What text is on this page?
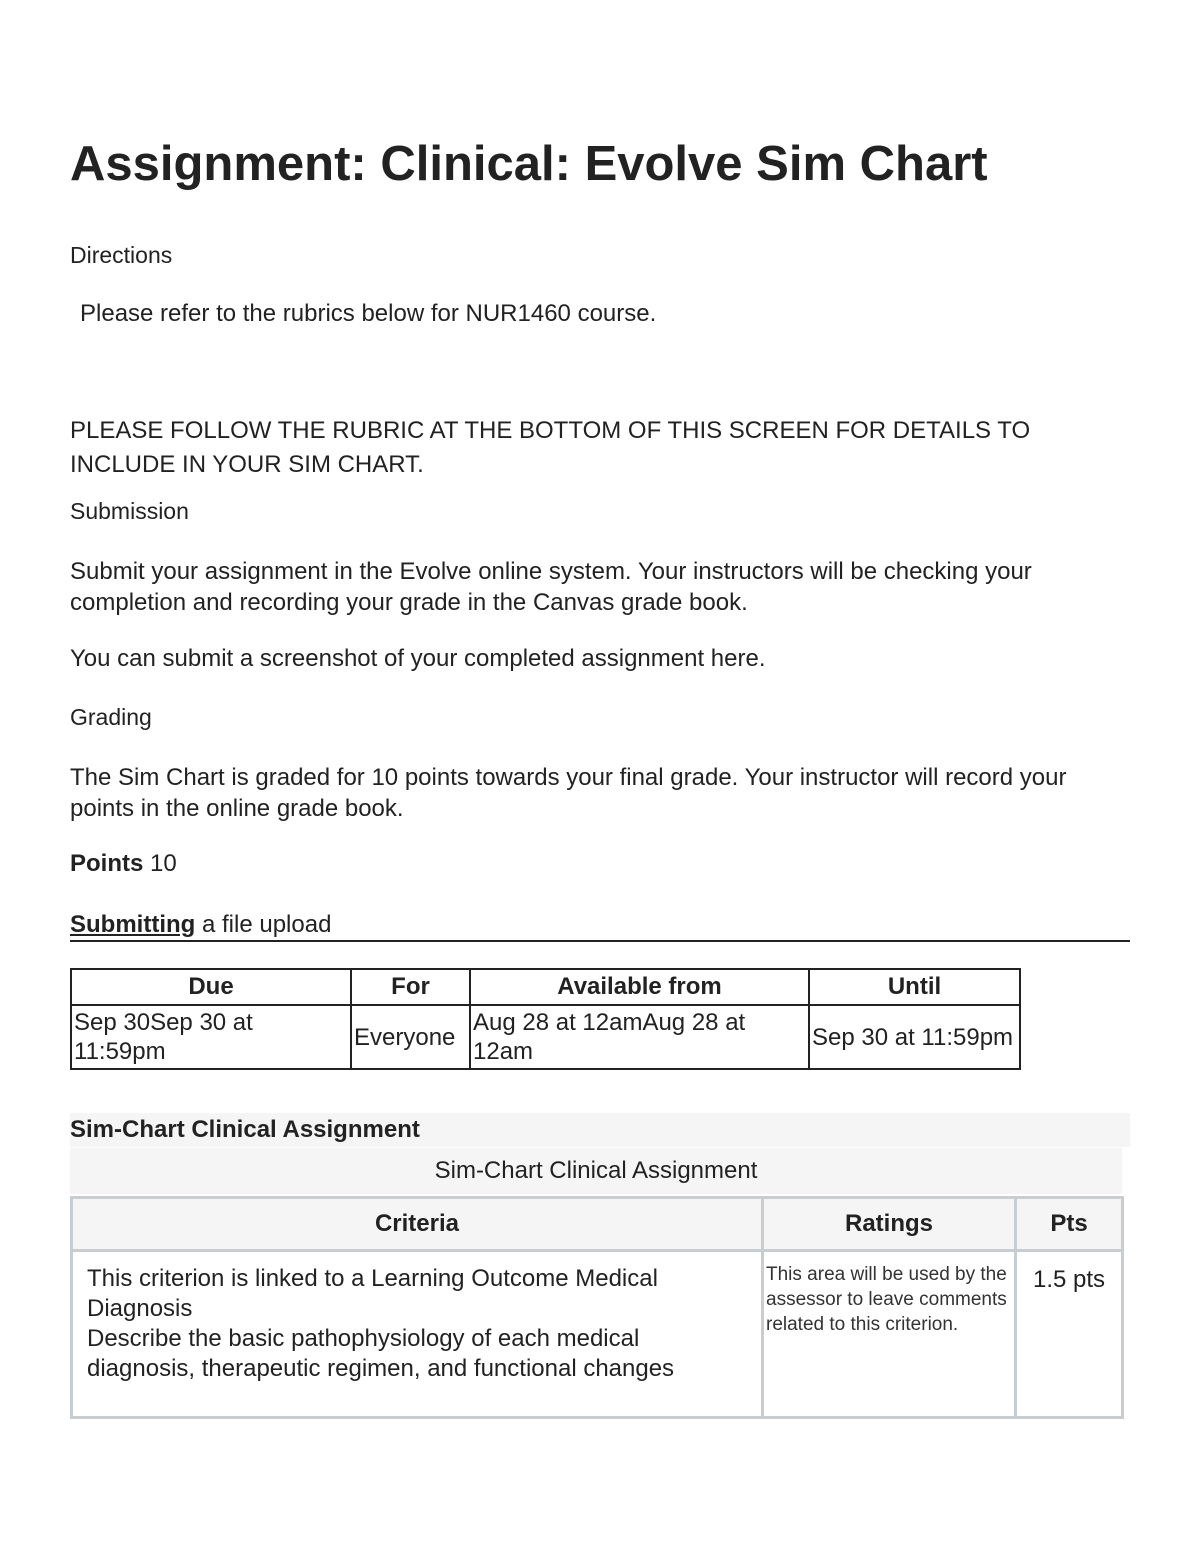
Assignment: Clinical: Evolve Sim Chart

Directions

Please refer to the rubrics below for NUR1460 course.

PLEASE FOLLOW THE RUBRIC AT THE BOTTOM OF THIS SCREEN FOR DETAILS TO INCLUDE IN YOUR SIM CHART.

Submission

Submit your assignment in the Evolve online system. Your instructors will be checking your completion and recording your grade in the Canvas grade book.

You can submit a screenshot of your completed assignment here.

Grading

The Sim Chart is graded for 10 points towards your final grade. Your instructor will record your points in the online grade book.

Points 10

Submitting a file upload
Due	For	Available from	Until
Sep 30Sep 30 at 11:59pm	Everyone	Aug 28 at 12amAug 28 at 12am	Sep 30 at 11:59pm
Sim-Chart Clinical Assignment
Sim-Chart Clinical Assignment
Criteria	Ratings	Pts

This criterion is linked to a Learning Outcome Medical Diagnosis
Describe the basic pathophysiology of each medical diagnosis, therapeutic regimen, and functional changes	This area will be used by the assessor to leave comments related to this criterion.	1.5 pts
